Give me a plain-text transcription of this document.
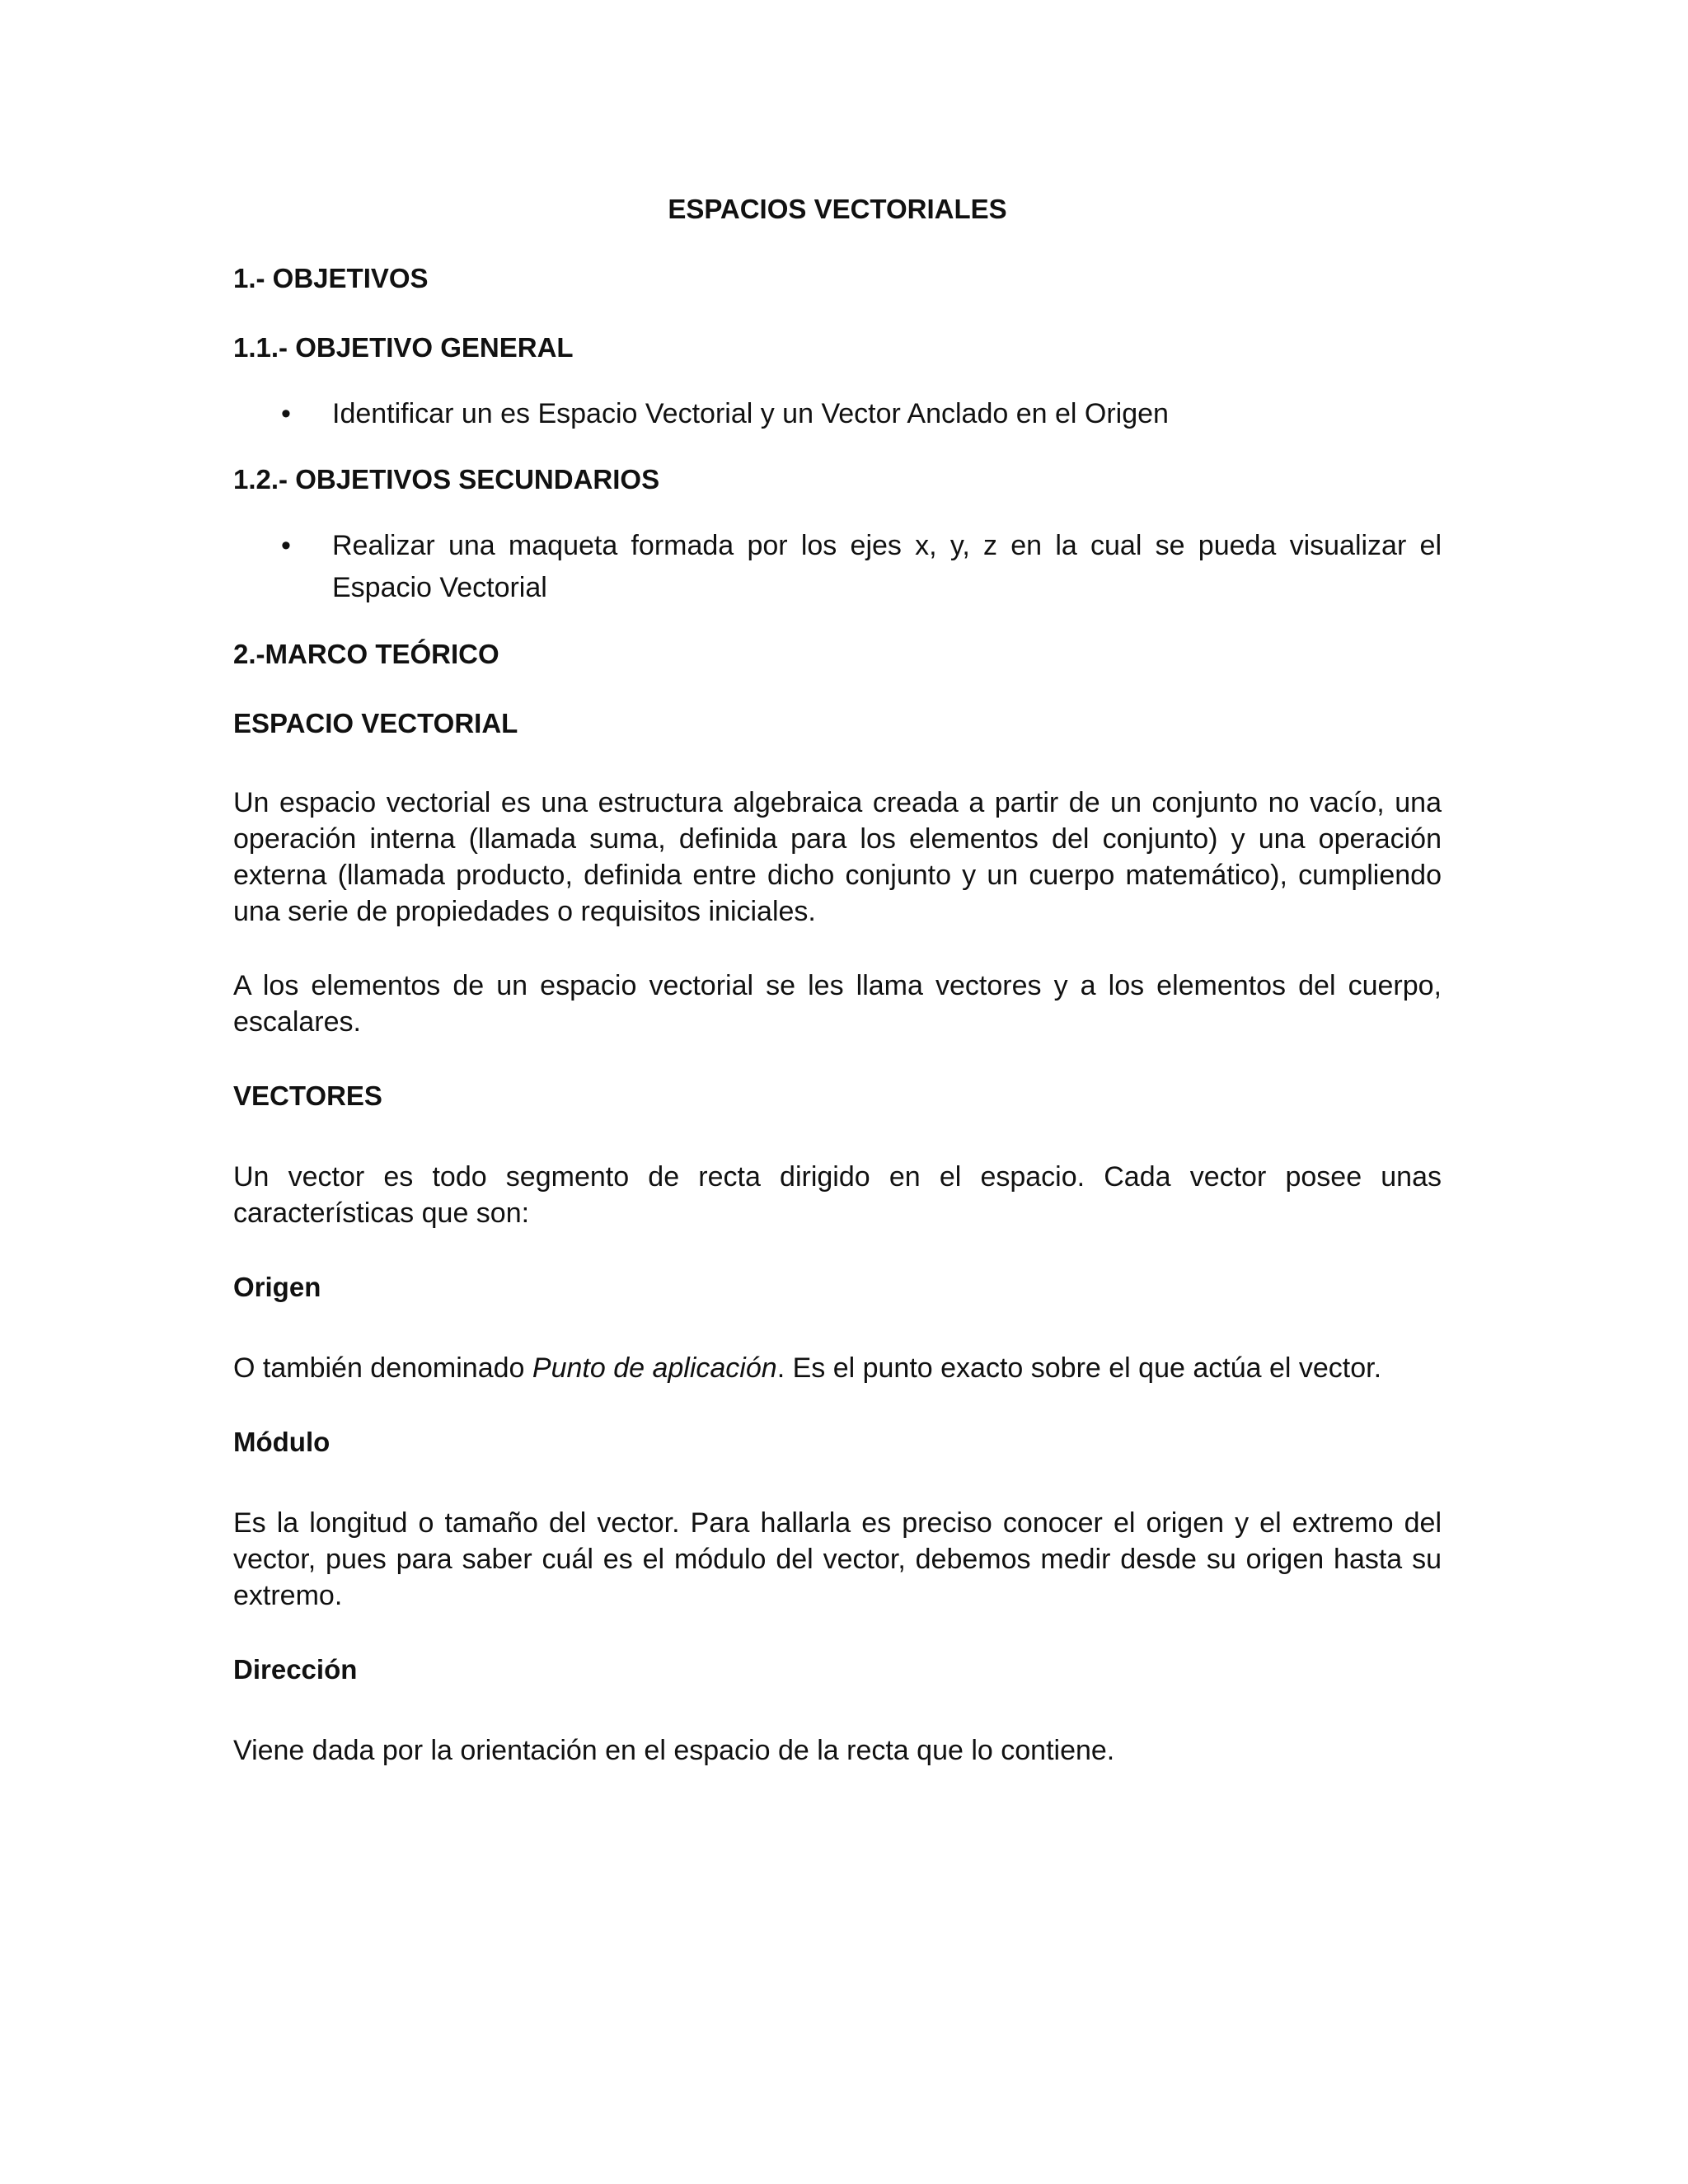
ESPACIOS VECTORIALES
1.- OBJETIVOS
1.1.- OBJETIVO GENERAL
• Identificar un es Espacio Vectorial y un Vector Anclado en el Origen
1.2.- OBJETIVOS SECUNDARIOS
• Realizar una maqueta formada por los ejes x, y, z en la cual se pueda visualizar el Espacio Vectorial
2.-MARCO TEÓRICO
ESPACIO VECTORIAL

Un espacio vectorial es una estructura algebraica creada a partir de un conjunto no vacío, una operación interna (llamada suma, definida para los elementos del conjunto) y una operación externa (llamada producto, definida entre dicho conjunto y un cuerpo matemático), cumpliendo una serie de propiedades o requisitos iniciales.

A los elementos de un espacio vectorial se les llama vectores y a los elementos del cuerpo, escalares.

VECTORES

Un vector es todo segmento de recta dirigido en el espacio. Cada vector posee unas características que son:

Origen

O también denominado Punto de aplicación. Es el punto exacto sobre el que actúa el vector.

Módulo

Es la longitud o tamaño del vector. Para hallarla es preciso conocer el origen y el extremo del vector, pues para saber cuál es el módulo del vector, debemos medir desde su origen hasta su extremo.

Dirección

Viene dada por la orientación en el espacio de la recta que lo contiene.
